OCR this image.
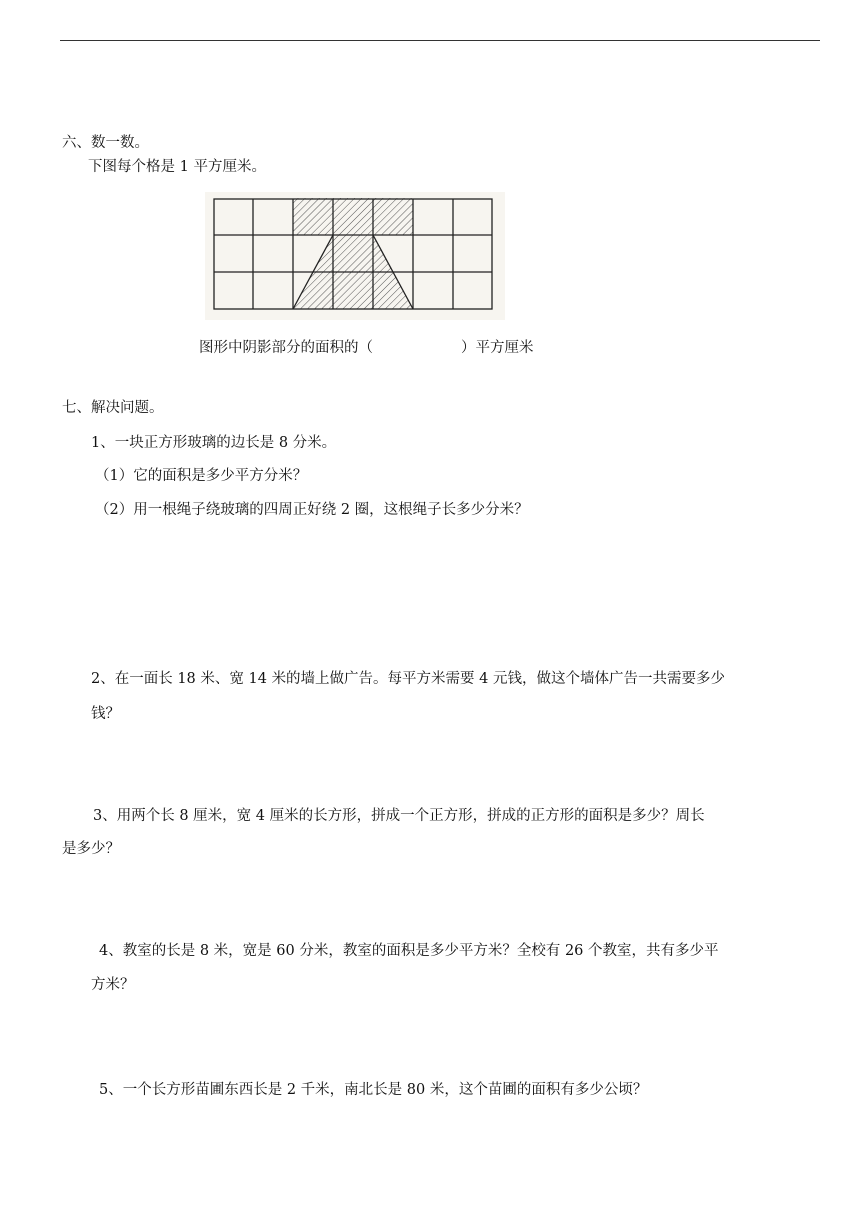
六、数一数。
下图每个格是 1 平方厘米。
图形中阴影部分的面积的（	）平方厘米
七、解决问题。
1、一块正方形玻璃的边长是 8 分米。
（1）它的面积是多少平方分米？
（2）用一根绳子绕玻璃的四周正好绕 2 圈，这根绳子长多少分米？
2、在一面长 18 米、宽 14 米的墙上做广告。每平方米需要 4 元钱，做这个墙体广告一共需要多少
钱？
3、用两个长 8 厘米，宽 4 厘米的长方形，拼成一个正方形，拼成的正方形的面积是多少？周长
是多少？
4、教室的长是 8 米，宽是 60 分米，教室的面积是多少平方米？全校有 26 个教室，共有多少平
方米？
5、一个长方形苗圃东西长是 2 千米，南北长是 80 米，这个苗圃的面积有多少公顷？
